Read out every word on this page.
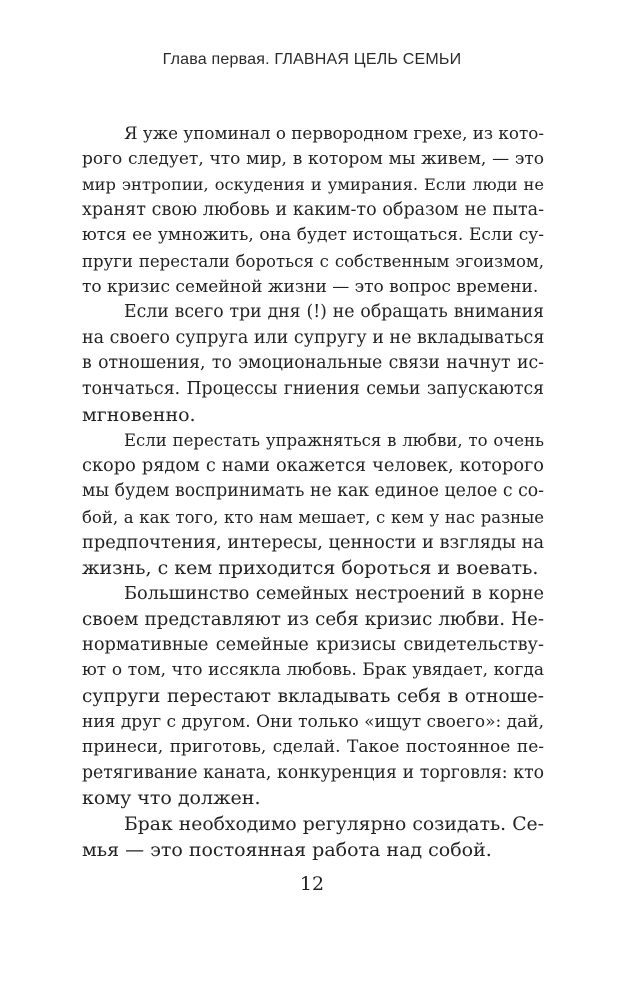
Глава первая. ГЛАВНАЯ ЦЕЛЬ СЕМЬИ
Я уже упоминал о первородном грехе, из кото-
рого следует, что мир, в котором мы живем, — это
мир энтропии, оскудения и умирания. Если люди не
хранят свою любовь и каким-то образом не пыта-
ются ее умножить, она будет истощаться. Если су-
пруги перестали бороться с собственным эгоизмом,
то кризис семейной жизни — это вопрос времени.
Если всего три дня (!) не обращать внимания
на своего супруга или супругу и не вкладываться
в отношения, то эмоциональные связи начнут ис-
тончаться. Процессы гниения семьи запускаются
мгновенно.
Если перестать упражняться в любви, то очень
скоро рядом с нами окажется человек, которого
мы будем воспринимать не как единое целое с со-
бой, а как того, кто нам мешает, с кем у нас разные
предпочтения, интересы, ценности и взгляды на
жизнь, с кем приходится бороться и воевать.
Большинство семейных нестроений в корне
своем представляют из себя кризис любви. Не-
нормативные семейные кризисы свидетельству-
ют о том, что иссякла любовь. Брак увядает, когда
супруги перестают вкладывать себя в отноше-
ния друг с другом. Они только «ищут своего»: дай,
принеси, приготовь, сделай. Такое постоянное пе-
ретягивание каната, конкуренция и торговля: кто
кому что должен.
Брак необходимо регулярно созидать. Се-
мья — это постоянная работа над собой.
12
